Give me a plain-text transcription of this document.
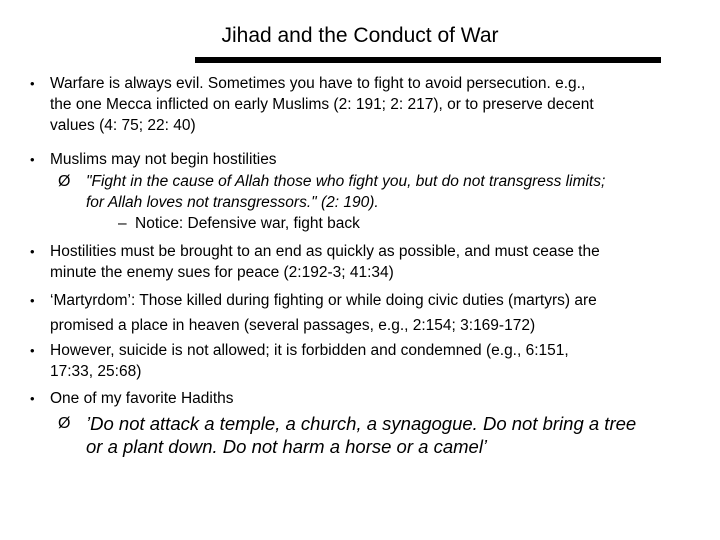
Jihad and the Conduct of War
• Warfare is always evil. Sometimes you have to fight to avoid persecution. e.g.,
the one Mecca inflicted on early Muslims (2: 191; 2: 217), or to preserve decent
values (4: 75; 22: 40)
• Muslims may not begin hostilities
Ø "Fight in the cause of Allah those who fight you, but do not transgress limits;
for Allah loves not transgressors." (2: 190).
– Notice: Defensive war, fight back
• Hostilities must be brought to an end as quickly as possible, and must cease the
minute the enemy sues for peace (2:192-3; 41:34)
• ‘Martyrdom’: Those killed during fighting or while doing civic duties (martyrs) are
promised a place in heaven (several passages, e.g., 2:154; 3:169-172)
• However, suicide is not allowed; it is forbidden and condemned (e.g., 6:151,
17:33, 25:68)
• One of my favorite Hadiths
Ø ’Do not attack a temple, a church, a synagogue. Do not bring a tree
or a plant down. Do not harm a horse or a camel’
